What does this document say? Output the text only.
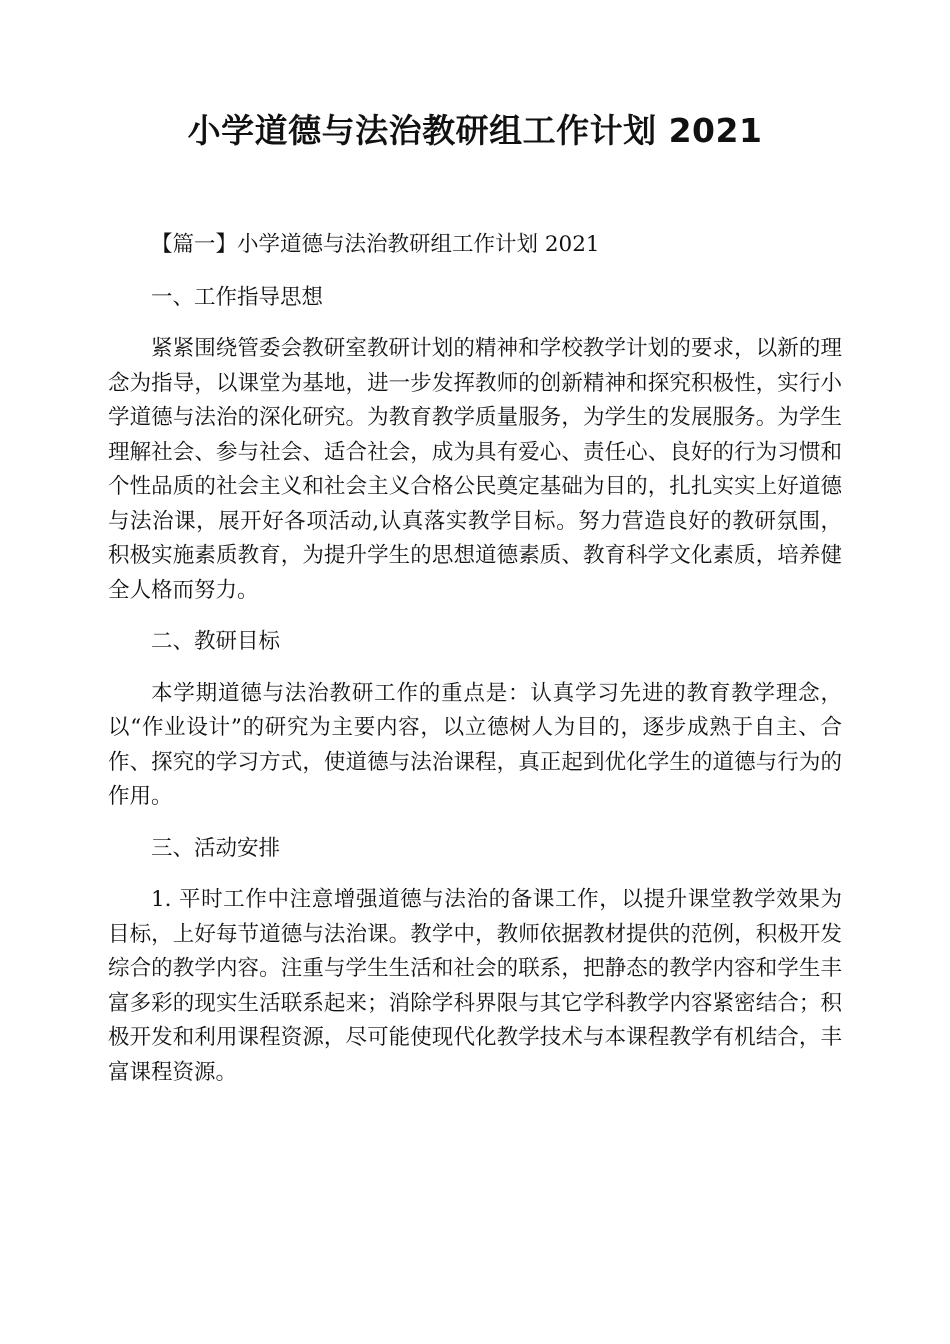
小学道德与法治教研组工作计划 2021

【篇一】小学道德与法治教研组工作计划 2021

一、工作指导思想

紧紧围绕管委会教研室教研计划的精神和学校教学计划的要求，以新的理念为指导，以课堂为基地，进一步发挥教师的创新精神和探究积极性，实行小学道德与法治的深化研究。为教育教学质量服务，为学生的发展服务。为学生理解社会、参与社会、适合社会，成为具有爱心、责任心、良好的行为习惯和个性品质的社会主义和社会主义合格公民奠定基础为目的，扎扎实实上好道德与法治课，展开好各项活动,认真落实教学目标。努力营造良好的教研氛围，积极实施素质教育，为提升学生的思想道德素质、教育科学文化素质，培养健全人格而努力。

二、教研目标

本学期道德与法治教研工作的重点是：认真学习先进的教育教学理念，以“作业设计”的研究为主要内容，以立德树人为目的，逐步成熟于自主、合作、探究的学习方式，使道德与法治课程，真正起到优化学生的道德与行为的作用。

三、活动安排

1. 平时工作中注意增强道德与法治的备课工作，以提升课堂教学效果为目标，上好每节道德与法治课。教学中，教师依据教材提供的范例，积极开发综合的教学内容。注重与学生生活和社会的联系，把静态的教学内容和学生丰富多彩的现实生活联系起来；消除学科界限与其它学科教学内容紧密结合；积极开发和利用课程资源，尽可能使现代化教学技术与本课程教学有机结合，丰富课程资源。
